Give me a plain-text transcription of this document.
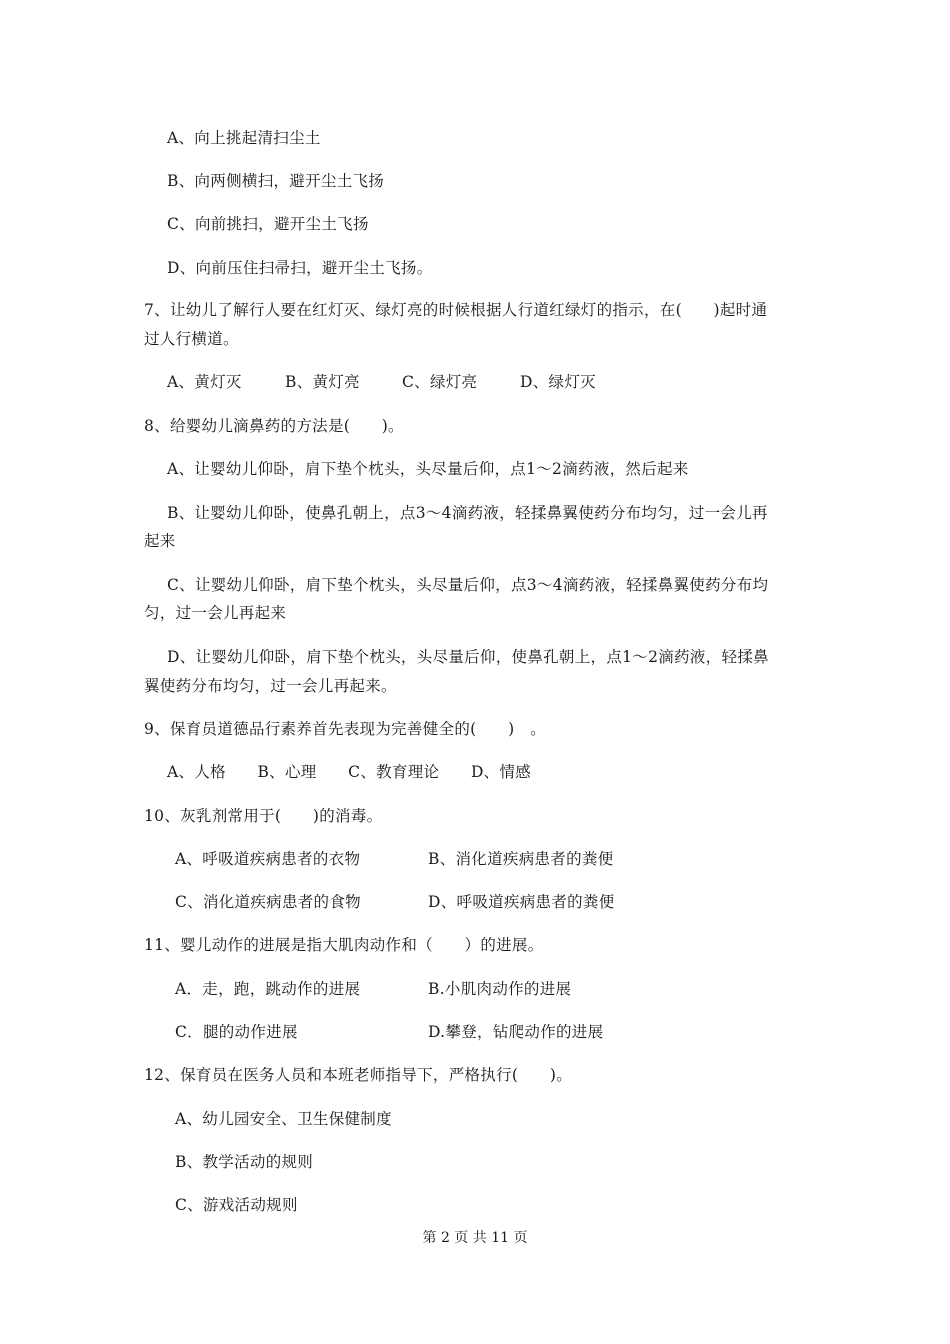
A、向上挑起清扫尘土
B、向两侧横扫，避开尘土飞扬
C、向前挑扫，避开尘土飞扬
D、向前压住扫帚扫，避开尘土飞扬。
7、让幼儿了解行人要在红灯灭、绿灯亮的时候根据人行道红绿灯的指示，在(　　)起时通
过人行横道。
A、黄灯灭	B、黄灯亮	C、绿灯亮	D、绿灯灭
8、给婴幼儿滴鼻药的方法是(　　)。
A、让婴幼儿仰卧，肩下垫个枕头，头尽量后仰，点1～2滴药液，然后起来
B、让婴幼儿仰卧，使鼻孔朝上，点3～4滴药液，轻揉鼻翼使药分布均匀，过一会儿再
起来
C、让婴幼儿仰卧，肩下垫个枕头，头尽量后仰，点3～4滴药液，轻揉鼻翼使药分布均
匀，过一会儿再起来
D、让婴幼儿仰卧，肩下垫个枕头，头尽量后仰，使鼻孔朝上，点1～2滴药液，轻揉鼻
翼使药分布均匀，过一会儿再起来。
9、保育员道德品行素养首先表现为完善健全的(　　)　。
A、人格　　B、心理　　C、教育理论　　D、情感
10、灰乳剂常用于(　　)的消毒。
A、呼吸道疾病患者的衣物	B、消化道疾病患者的粪便
C、消化道疾病患者的食物	D、呼吸道疾病患者的粪便
11、婴儿动作的进展是指大肌肉动作和（　　）的进展。
A．走，跑，跳动作的进展	B.小肌肉动作的进展
C．腿的动作进展	D.攀登，钻爬动作的进展
12、保育员在医务人员和本班老师指导下，严格执行(　　)。
A、幼儿园安全、卫生保健制度
B、教学活动的规则
C、游戏活动规则
第 2 页 共 11 页
